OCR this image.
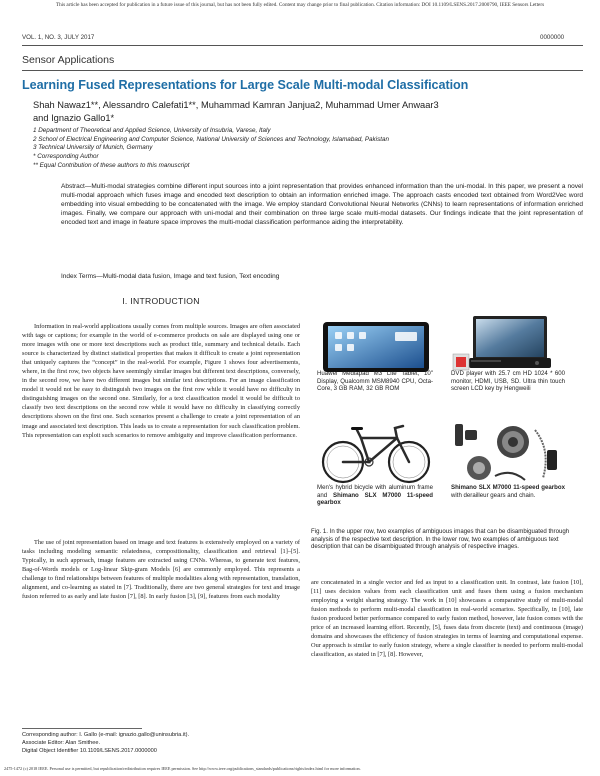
This article has been accepted for publication in a future issue of this journal, but has not been fully edited. Content may change prior to final publication. Citation information: DOI 10.1109/LSENS.2017.2000790, IEEE Sensors Letters
VOL. 1, NO. 3, JULY 2017	0000000
Sensor Applications
Learning Fused Representations for Large Scale Multi-modal Classification
Shah Nawaz1**, Alessandro Calefati1**, Muhammad Kamran Janjua2, Muhammad Umer Anwaar3
and Ignazio Gallo1*
1 Department of Theoretical and Applied Science, University of Insubria, Varese, Italy
2 School of Electrical Engineering and Computer Science, National University of Sciences and Technology, Islamabad, Pakistan
3 Technical University of Munich, Germany
* Corresponding Author
** Equal Contribution of these authors to this manuscript
Abstract—Multi-modal strategies combine different input sources into a joint representation that provides enhanced information than the uni-modal. In this paper, we present a novel multi-modal approach which fuses image and encoded text description to obtain an information enriched image. The approach casts encoded text obtained from Word2Vec word embedding into visual embedding to be concatenated with the image. We employ standard Convolutional Neural Networks (CNNs) to learn representations of information enriched images. Finally, we compare our approach with uni-modal and their combination on three large scale multi-modal datasets. Our findings indicate that the joint representation of encoded text and image in feature space improves the multi-modal classification performance aiding the interpretability.
Index Terms—Multi-modal data fusion, Image and text fusion, Text encoding
I. INTRODUCTION

Information in real-world applications usually comes from multiple sources. Images are often associated with tags or captions; for example in the world of e-commerce products on sale are displayed using one or more images with one or more text descriptions such as product title, summary and technical details. Each source is characterized by distinct statistical properties that makes it difficult to create a joint representation that uniquely captures the “concept” in the real-world. For example, Figure 1 shows four advertisements, where, in the first row, two objects have seemingly similar images but different text descriptions, conversely, in the second row, we have two different images but similar text descriptions. For an image classification model it would not be easy to distinguish two images on the first row while it would have no difficulty in distinguishing images on the second one. Similarly, for a text classification model it would be difficult to classify two text descriptions on the second row while it would have no difficulty in classifying correctly descriptions shown on the first one. Such scenarios present a challenge to create a joint representation of an image and associated text description. This leads us to create a representation for such classification problem. This representation can exploit such scenarios to remove ambiguity and improve classification performance.

The use of joint representation based on image and text features is extensively employed on a variety of tasks including modeling semantic relatedness, compositionality, classification and retrieval [1]–[5]. Typically, in such approach, image features are extracted using CNNs. Whereas, to generate text features, Bag-of-Words models or Log-linear Skip-gram Models [6] are commonly employed. This represents a challenge to find relationships between features of multiple modalities along with representation, translation, alignment, and co-learning as stated in [7]. Traditionally, there are two general strategies for text and image fusion referred to as early and late fusion [7], [8]. In early fusion [3], [9], features from each modality

are concatenated in a single vector and fed as input to a classification unit. In contrast, late fusion [10], [11] uses decision values from each classification unit and fuses them using a fusion mechanism employing a weight sharing strategy. The work in [10] showcases a comparative study of multi-modal fusion methods to perform multi-modal classification in real-world scenarios. Specifically, in [10], late fusion produced better performance compared to early fusion method, however, late fusion comes with the price of an increased learning effort. Recently, [5], fuses data from discrete (text) and continuous (image) domains and showcases the efficiency of fusion strategies in terms of learning and computational expense. Our approach is similar to early fusion strategy, where a single classifier is needed to perform multi-modal classification, as stated in [7], [8]. However,

Huawei Mediapad M3 Lite Tablet, 10" Display, Qualcomm MSM8940 CPU, Octa-Core, 3 GB RAM, 32 GB ROM
DVD player with 25.7 cm HD 1024 * 600 monitor, HDMI, USB, SD. Ultra thin touch screen LCD key by Hengweili
Men's hybrid bicycle with aluminum frame and Shimano SLX M7000 11-speed gearbox
Shimano SLX M7000 11-speed gearbox with derailleur gears and chain.
Fig. 1. In the upper row, two examples of ambiguous images that can be disambiguated through analysis of the respective text description. In the lower row, two examples of ambiguous text description that can be disambiguated through analysis of respective images.
Corresponding author: I. Gallo (e-mail: ignazio.gallo@uninsubria.it).
Associate Editor: Alan Smithee.
Digital Object Identifier 10.1109/LSENS.2017.0000000
2475-1472 (c) 2018 IEEE. Personal use is permitted, but republication/redistribution requires IEEE permission. See http://www.ieee.org/publications_standards/publications/rights/index.html for more information.
